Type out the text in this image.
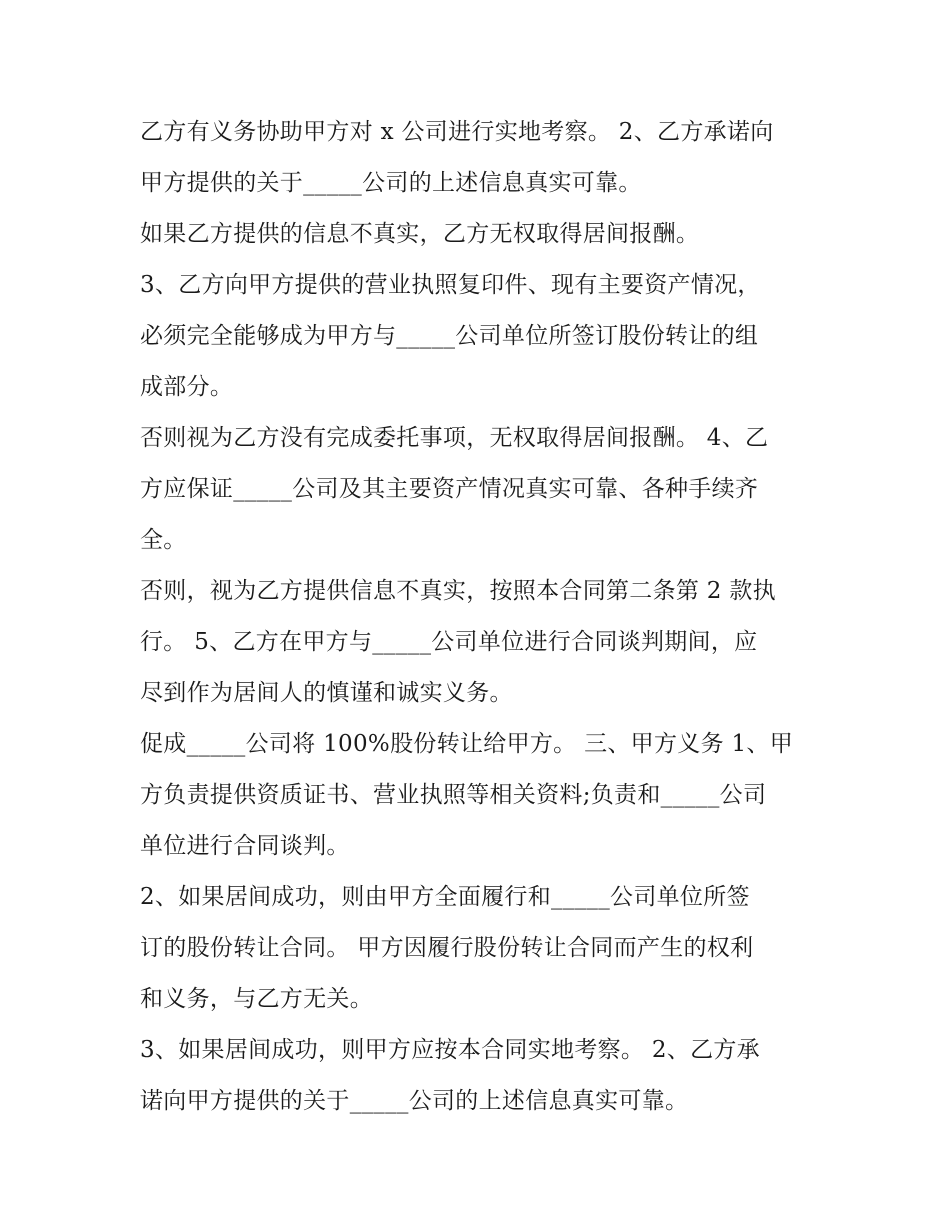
乙方有义务协助甲方对 x 公司进行实地考察。 2、乙方承诺向
甲方提供的关于_____公司的上述信息真实可靠。

如果乙方提供的信息不真实，乙方无权取得居间报酬。

3、乙方向甲方提供的营业执照复印件、现有主要资产情况，
必须完全能够成为甲方与_____公司单位所签订股份转让的组
成部分。

否则视为乙方没有完成委托事项，无权取得居间报酬。 4、乙
方应保证_____公司及其主要资产情况真实可靠、各种手续齐
全。

否则，视为乙方提供信息不真实，按照本合同第二条第 2 款执
行。 5、乙方在甲方与_____公司单位进行合同谈判期间，应
尽到作为居间人的慎谨和诚实义务。

促成_____公司将 100%股份转让给甲方。 三、甲方义务 1、甲
方负责提供资质证书、营业执照等相关资料;负责和_____公司
单位进行合同谈判。

2、如果居间成功，则由甲方全面履行和_____公司单位所签
订的股份转让合同。 甲方因履行股份转让合同而产生的权利
和义务，与乙方无关。

3、如果居间成功，则甲方应按本合同实地考察。 2、乙方承
诺向甲方提供的关于_____公司的上述信息真实可靠。
